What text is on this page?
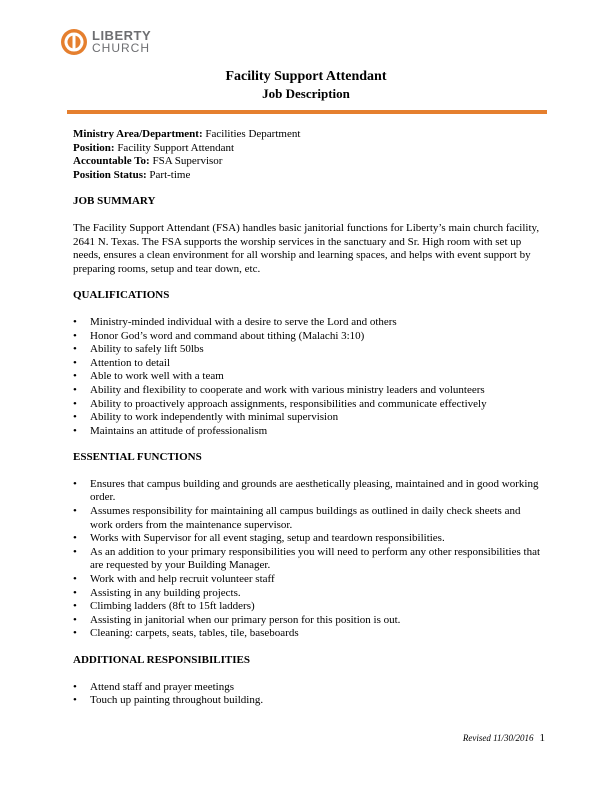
LIBERTY
CHURCH
Facility Support Attendant
Job Description

Ministry Area/Department: Facilities Department

Position: Facility Support Attendant

Accountable To: FSA Supervisor

Position Status: Part-time

JOB SUMMARY

The Facility Support Attendant (FSA) handles basic janitorial functions for Liberty’s main church facility, 2641 N. Texas. The FSA supports the worship services in the sanctuary and Sr. High room with set up needs, ensures a clean environment for all worship and learning spaces, and helps with event support by preparing rooms, setup and tear down, etc.

QUALIFICATIONS

• Ministry-minded individual with a desire to serve the Lord and others
• Honor God’s word and command about tithing (Malachi 3:10)
• Ability to safely lift 50lbs
• Attention to detail
• Able to work well with a team
• Ability and flexibility to cooperate and work with various ministry leaders and volunteers
• Ability to proactively approach assignments, responsibilities and communicate effectively
• Ability to work independently with minimal supervision
• Maintains an attitude of professionalism

ESSENTIAL FUNCTIONS

• Ensures that campus building and grounds are aesthetically pleasing, maintained and in good working order.
• Assumes responsibility for maintaining all campus buildings as outlined in daily check sheets and work orders from the maintenance supervisor.
• Works with Supervisor for all event staging, setup and teardown responsibilities.
• As an addition to your primary responsibilities you will need to perform any other responsibilities that are requested by your Building Manager.
• Work with and help recruit volunteer staff
• Assisting in any building projects.
• Climbing ladders (8ft to 15ft ladders)
• Assisting in janitorial when our primary person for this position is out.
• Cleaning: carpets, seats, tables, tile, baseboards

ADDITIONAL RESPONSIBILITIES

• Attend staff and prayer meetings
• Touch up painting throughout building.
Revised 11/30/2016 1
